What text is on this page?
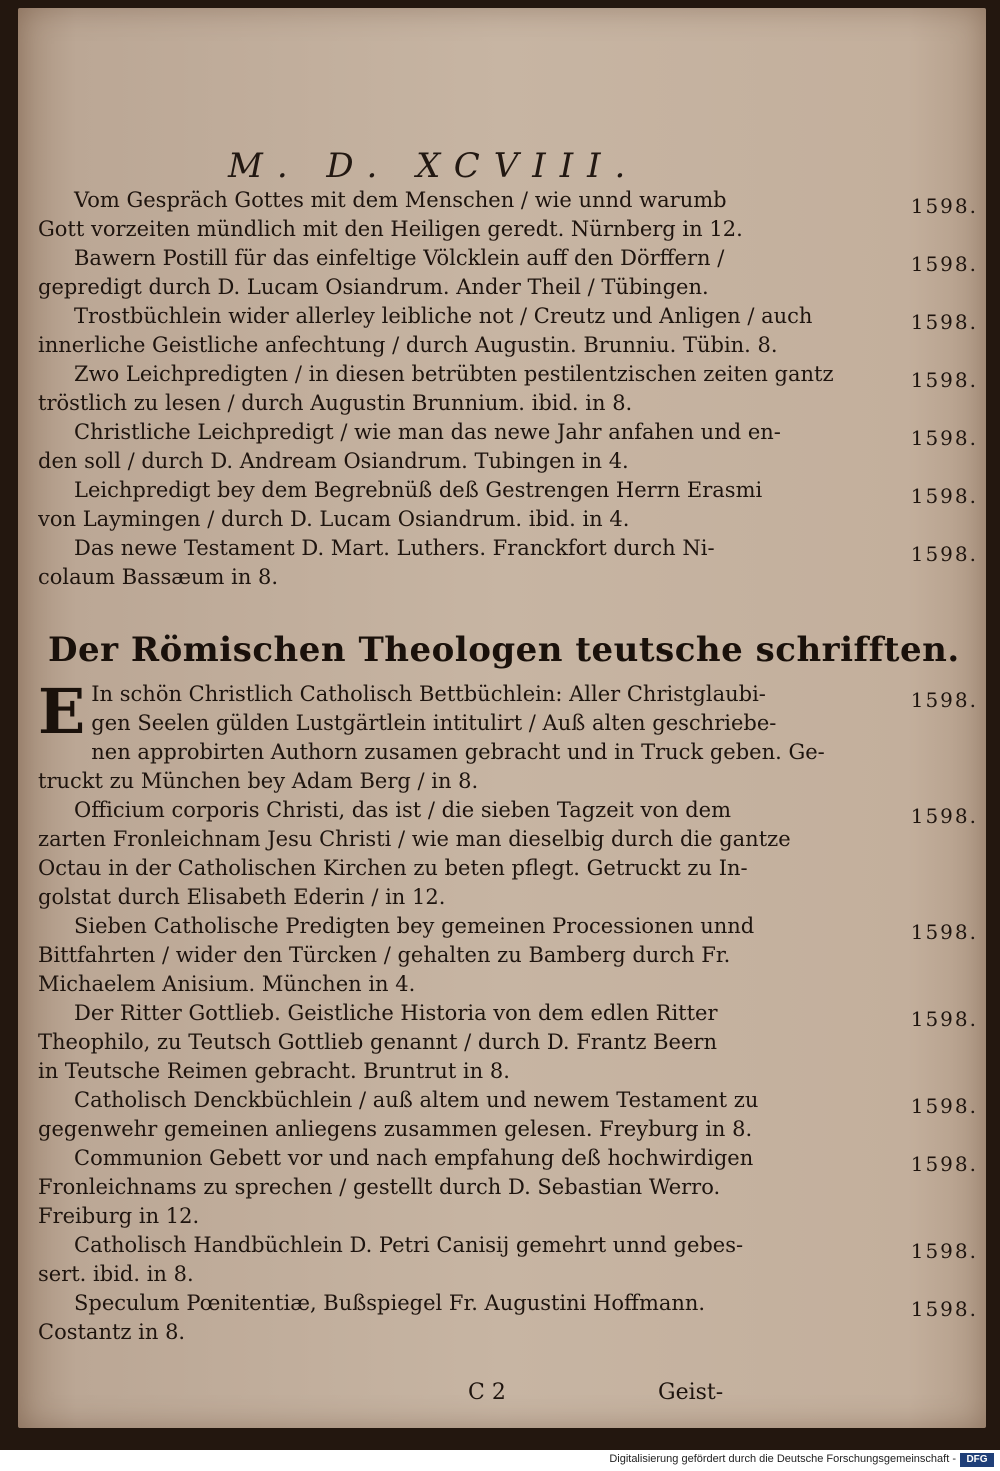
M. D. XCVIII.
Vom Gespräch Gottes mit dem Menschen / wie unnd warumb
Gott vorzeiten mündlich mit den Heiligen geredt. Nürnberg in 12.
1598.
Bawern Postill für das einfeltige Völcklein auff den Dörffern /
gepredigt durch D. Lucam Osiandrum. Ander Theil / Tübingen.
1598.
Trostbüchlein wider allerley leibliche not / Creutz und Anligen / auch
innerliche Geistliche anfechtung / durch Augustin. Brunniu. Tübin. 8.
1598.
Zwo Leichpredigten / in diesen betrübten pestilentzischen zeiten gantz
tröstlich zu lesen / durch Augustin Brunnium. ibid. in 8.
1598.
Christliche Leichpredigt / wie man das newe Jahr anfahen und en-
den soll / durch D. Andream Osiandrum. Tubingen in 4.
1598.
Leichpredigt bey dem Begrebnüß deß Gestrengen Herrn Erasmi
von Laymingen / durch D. Lucam Osiandrum. ibid. in 4.
1598.
Das newe Testament D. Mart. Luthers. Franckfort durch Ni-
colaum Bassæum in 8.
1598.
Der Römischen Theologen teutsche schrifften.
E In schön Christlich Catholisch Bettbüchlein: Aller Christglaubi-
gen Seelen gülden Lustgärtlein intitulirt / Auß alten geschriebe-
nen approbirten Authorn zusamen gebracht und in Truck geben. Ge-
truckt zu München bey Adam Berg / in 8.
1598.
Officium corporis Christi, das ist / die sieben Tagzeit von dem
zarten Fronleichnam Jesu Christi / wie man dieselbig durch die gantze
Octau in der Catholischen Kirchen zu beten pflegt. Getruckt zu In-
golstat durch Elisabeth Ederin / in 12.
1598.
Sieben Catholische Predigten bey gemeinen Processionen unnd
Bittfahrten / wider den Türcken / gehalten zu Bamberg durch Fr.
Michaelem Anisium. München in 4.
1598.
Der Ritter Gottlieb. Geistliche Historia von dem edlen Ritter
Theophilo, zu Teutsch Gottlieb genannt / durch D. Frantz Beern
in Teutsche Reimen gebracht. Bruntrut in 8.
1598.
Catholisch Denckbüchlein / auß altem und newem Testament zu
gegenwehr gemeinen anliegens zusammen gelesen. Freyburg in 8.
1598.
Communion Gebett vor und nach empfahung deß hochwirdigen
Fronleichnams zu sprechen / gestellt durch D. Sebastian Werro.
Freiburg in 12.
1598.
Catholisch Handbüchlein D. Petri Canisij gemehrt unnd gebes-
sert. ibid. in 8.
1598.
Speculum Pœnitentiæ, Bußspiegel Fr. Augustini Hoffmann.
Costantz in 8.
1598.
C 2	Geist-
Digitalisierung gefördert durch die Deutsche Forschungsgemeinschaft -	DFG
